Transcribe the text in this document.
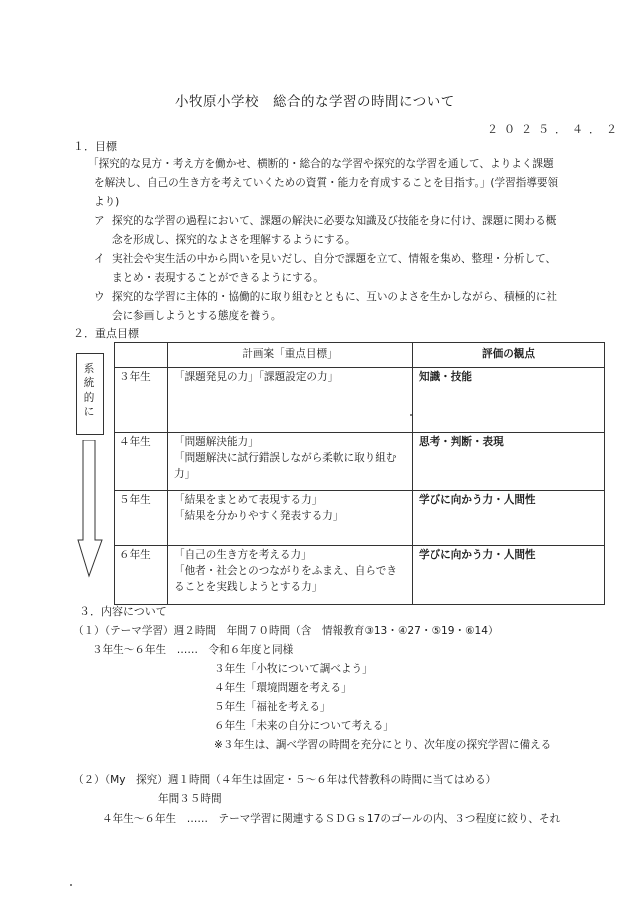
小牧原小学校　総合的な学習の時間について
２０２５．４．２
１．目標
「探究的な見方・考え方を働かせ、横断的・総合的な学習や探究的な学習を通して、よりよく課題
を解決し、自己の生き方を考えていくための資質・能力を育成することを目指す。」(学習指導要領
より)
ア 探究的な学習の過程において、課題の解決に必要な知識及び技能を身に付け、課題に関わる概
念を形成し、探究的なよさを理解するようにする。
イ 実社会や実生活の中から問いを見いだし、自分で課題を立て、情報を集め、整理・分析して、
まとめ・表現することができるようにする。
ウ 探究的な学習に主体的・協働的に取り組むとともに、互いのよさを生かしながら、積極的に社
会に参画しようとする態度を養う。
２．重点目標
系統的に
	計画案「重点目標」	評価の観点
３年生	「課題発見の力」「課題設定の力」	知識・技能
４年生	「問題解決能力」
「問題解決に試行錯誤しながら柔軟に取り組む
力」	思考・判断・表現
５年生	「結果をまとめて表現する力」
「結果を分かりやすく発表する力」	学びに向かう力・人間性
６年生	「自己の生き方を考える力」
「他者・社会とのつながりをふまえ、自らでき
ることを実践しようとする力」	学びに向かう力・人間性
３．内容について
（１）（テーマ学習）週２時間　年間７０時間（含　情報教育③13・④27・⑤19・⑥14）
３年生～６年生　……　令和６年度と同様
３年生「小牧について調べよう」
４年生「環境問題を考える」
５年生「福祉を考える」
６年生「未来の自分について考える」
※３年生は、調べ学習の時間を充分にとり、次年度の探究学習に備える
（２）（My　探究）週１時間（４年生は固定・５～６年は代替教科の時間に当てはめる）
年間３５時間
４年生～６年生　……　テーマ学習に関連するＳＤＧｓ17のゴールの内、３つ程度に絞り、それ
